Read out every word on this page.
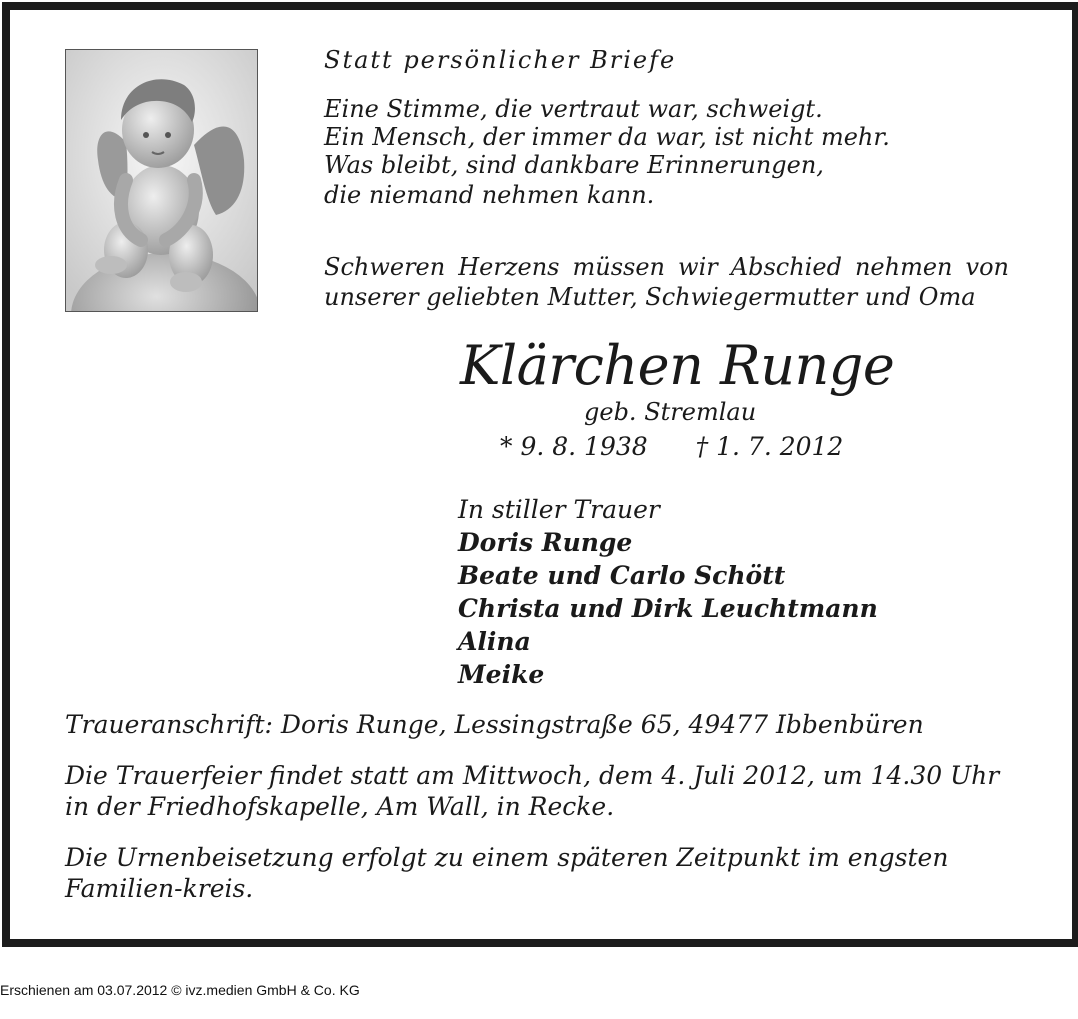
Statt persönlicher Briefe
Eine Stimme, die vertraut war, schweigt.
Ein Mensch, der immer da war, ist nicht mehr.
Was bleibt, sind dankbare Erinnerungen,
die niemand nehmen kann.
Schweren Herzens müssen wir Abschied nehmen von
unserer geliebten Mutter, Schwiegermutter und Oma
Klärchen Runge
geb. Stremlau
* 9. 8. 1938 † 1. 7. 2012
In stiller Trauer
Doris Runge
Beate und Carlo Schött
Christa und Dirk Leuchtmann
Alina
Meike
Traueranschrift: Doris Runge, Lessingstraße 65, 49477 Ibbenbüren
Die Trauerfeier findet statt am Mittwoch, dem 4. Juli 2012, um 14.30 Uhr in der Friedhofskapelle, Am Wall, in Recke.
Die Urnenbeisetzung erfolgt zu einem späteren Zeitpunkt im engsten Familien-kreis.
Erschienen am 03.07.2012 © ivz.medien GmbH & Co. KG
